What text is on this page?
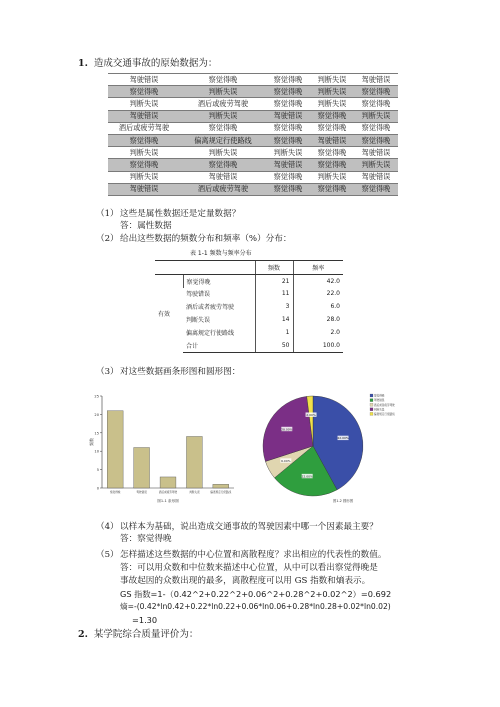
1. 造成交通事故的原始数据为：
驾驶错误	察觉得晚	察觉得晚	判断失误	驾驶错误
察觉得晚	判断失误	察觉得晚	判断失误	察觉得晚
判断失误	酒后或疲劳驾驶	察觉得晚	判断失误	察觉得晚
驾驶错误	判断失误	驾驶错误	察觉得晚	判断失误
酒后或疲劳驾驶	察觉得晚	察觉得晚	察觉得晚	察觉得晚
察觉得晚	偏离规定行使路线	察觉得晚	驾驶错误	察觉得晚
判断失误	判断失误	判断失误	察觉得晚	驾驶错误
察觉得晚	察觉得晚	驾驶错误	察觉得晚	判断失误
判断失误	驾驶错误	察觉得晚	判断失误	驾驶错误
驾驶错误	酒后或疲劳驾驶	察觉得晚	察觉得晚	察觉得晚
（1）这些是属性数据还是定量数据？
答：属性数据
（2）给出这些数据的频数分布和频率（%）分布：
表 1-1 频数与频率分布
		频数	频率
有效	察觉得晚	21	42.0
	驾驶错误	11	22.0
	酒后或者疲劳驾驶	3	6.0
	判断失误	14	28.0
	偏离规定行使路线	1	2.0
	合计	50	100.0
（3）对这些数据画条形图和圆形图：
0
5
10
15
20
25
频数
察觉得晚	驾驶错误	酒后或疲劳驾驶	判断失误	偏离规定行使路线
图1-1 条形图
42.00%
22.00%
6.00%
28.00%
2.00%
察觉得晚
驾驶错误
酒后或者疲劳驾驶
判断失误
偏离规定行使路线
图1-2 圆形图
（4）以样本为基础，说出造成交通事故的驾驶因素中哪一个因素最主要？
答：察觉得晚
（5）怎样描述这些数据的中心位置和离散程度？求出相应的代表性的数值。
答：可以用众数和中位数来描述中心位置，从中可以看出察觉得晚是
事故起因的众数出现的最多，离散程度可以用 GS 指数和熵表示。
GS 指数=1-（0.42^2+0.22^2+0.06^2+0.28^2+0.02^2）=0.692
熵=-(0.42*ln0.42+0.22*ln0.22+0.06*ln0.06+0.28*ln0.28+0.02*ln0.02)
=1.30
2. 某学院综合质量评价为：
